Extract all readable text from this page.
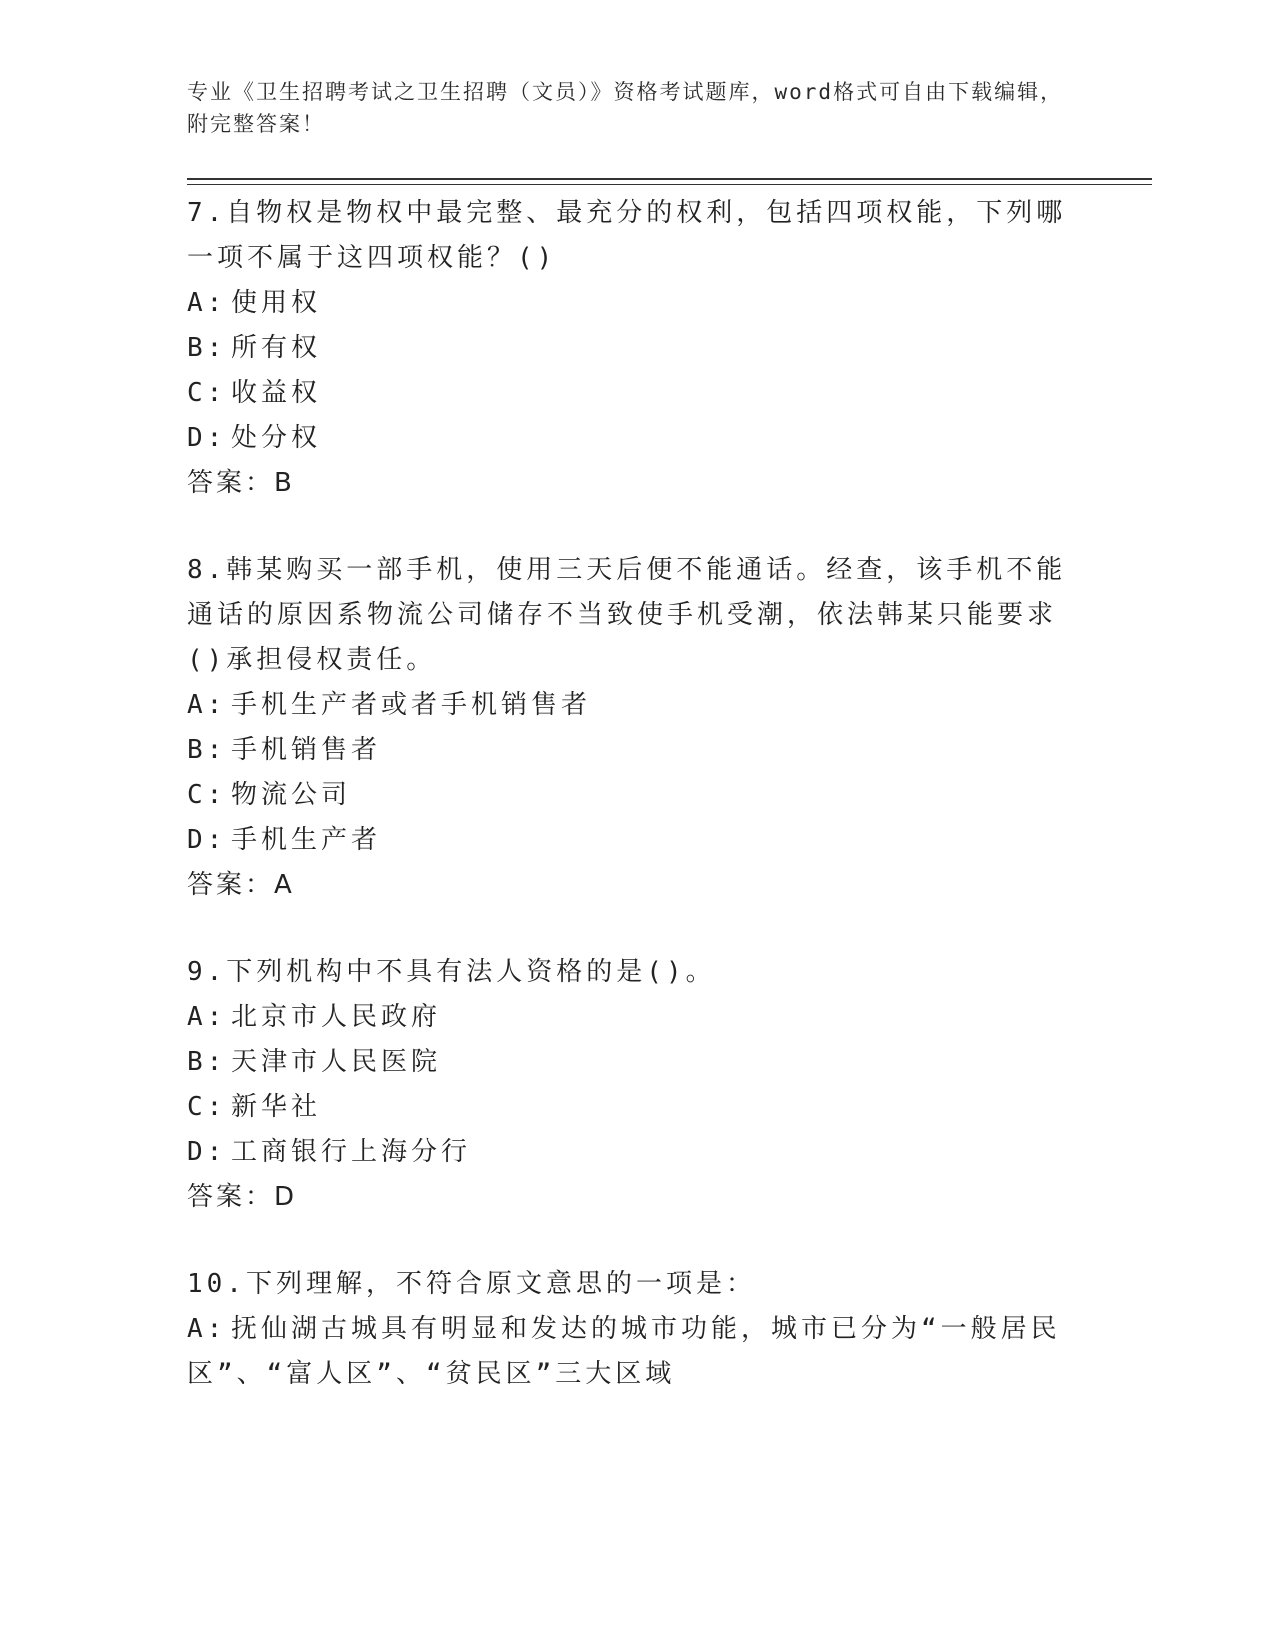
专业《卫生招聘考试之卫生招聘（文员）》资格考试题库，word格式可自由下载编辑，附完整答案！

7.自物权是物权中最完整、最充分的权利，包括四项权能，下列哪一项不属于这四项权能？()

A: 使用权

B: 所有权

C: 收益权

D: 处分权

答案：B

8.韩某购买一部手机，使用三天后便不能通话。经查，该手机不能通话的原因系物流公司储存不当致使手机受潮，依法韩某只能要求()承担侵权责任。

A: 手机生产者或者手机销售者

B: 手机销售者

C: 物流公司

D: 手机生产者

答案：A

9.下列机构中不具有法人资格的是()。

A: 北京市人民政府

B: 天津市人民医院

C: 新华社

D: 工商银行上海分行

答案：D

10.下列理解，不符合原文意思的一项是：

A: 抚仙湖古城具有明显和发达的城市功能，城市已分为“一般居民区”、“富人区”、“贫民区”三大区域
